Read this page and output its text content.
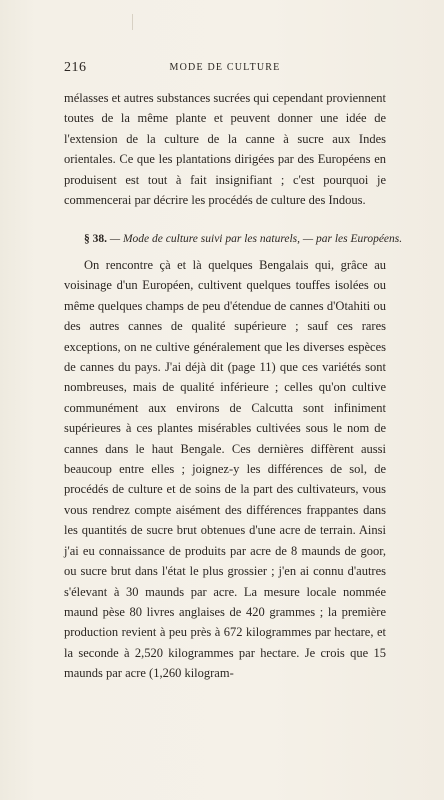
216	MODE DE CULTURE
mélasses et autres substances sucrées qui cependant proviennent toutes de la même plante et peuvent donner une idée de l'extension de la culture de la canne à sucre aux Indes orientales. Ce que les plantations dirigées par des Européens en produisent est tout à fait insignifiant ; c'est pourquoi je commencerai par décrire les procédés de culture des Indous.
§ 38. — Mode de culture suivi par les naturels, — par les Européens.
On rencontre çà et là quelques Bengalais qui, grâce au voisinage d'un Européen, cultivent quelques touffes isolées ou même quelques champs de peu d'étendue de cannes d'Otahiti ou des autres cannes de qualité supérieure ; sauf ces rares exceptions, on ne cultive généralement que les diverses espèces de cannes du pays. J'ai déjà dit (page 11) que ces variétés sont nombreuses, mais de qualité inférieure ; celles qu'on cultive communément aux environs de Calcutta sont infiniment supérieures à ces plantes misérables cultivées sous le nom de cannes dans le haut Bengale. Ces dernières diffèrent aussi beaucoup entre elles ; joignez-y les différences de sol, de procédés de culture et de soins de la part des cultivateurs, vous vous rendrez compte aisément des différences frappantes dans les quantités de sucre brut obtenues d'une acre de terrain. Ainsi j'ai eu connaissance de produits par acre de 8 maunds de goor, ou sucre brut dans l'état le plus grossier ; j'en ai connu d'autres s'élevant à 30 maunds par acre. La mesure locale nommée maund pèse 80 livres anglaises de 420 grammes ; la première production revient à peu près à 672 kilogrammes par hectare, et la seconde à 2,520 kilogrammes par hectare. Je crois que 15 maunds par acre (1,260 kilogram-
